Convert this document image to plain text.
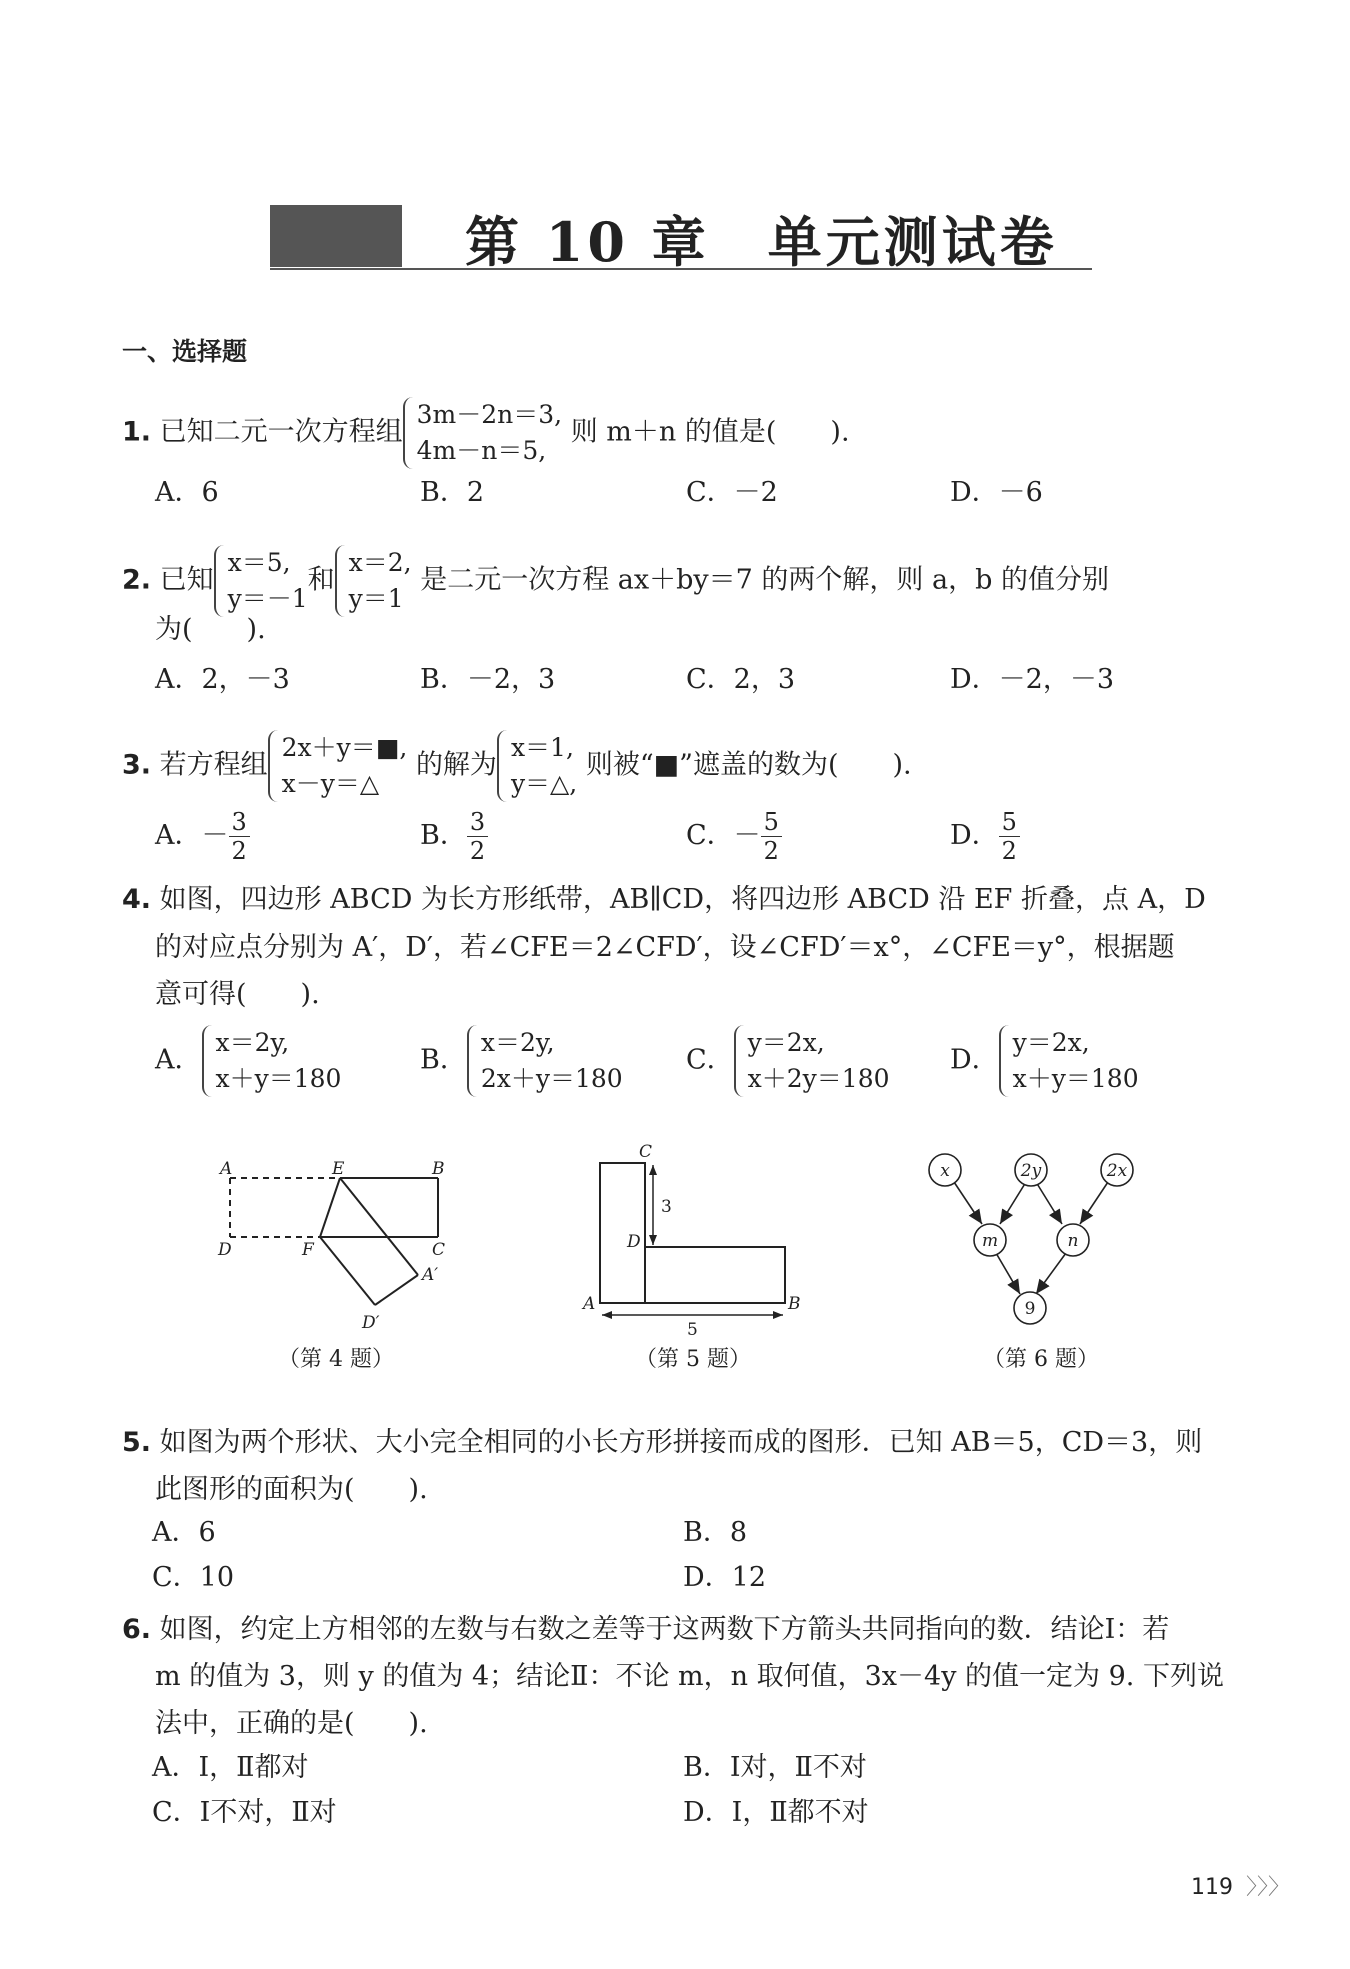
第 10 章　单元测试卷
一、选择题
1. 已知二元一次方程组
3m－2n＝3,
4m－n＝5,
则 m＋n 的值是(　　).
A．6	B．2	C．－2	D．－6
2. 已知
x＝5,
y＝－1
和
x＝2,
y＝1
是二元一次方程 ax＋by＝7 的两个解，则 a，b 的值分别
为(　　).
A．2，－3	B．－2，3	C．2，3	D．－2，－3
3. 若方程组
2x＋y＝■,
x－y＝△
的解为
x＝1,
y＝△,
则被“■”遮盖的数为(　　).
A．－ $\frac{3}{2}$	B． $\frac{3}{2}$	C．－ $\frac{5}{2}$	D． $\frac{5}{2}$
4. 如图，四边形 ABCD 为长方形纸带，AB∥CD，将四边形 ABCD 沿 EF 折叠，点 A，D
的对应点分别为 A′，D′，若∠CFE＝2∠CFD′，设∠CFD′＝x°，∠CFE＝y°，根据题
意可得(　　).
A．
x＝2y,
x＋y＝180
B．
x＝2y,
2x＋y＝180
C．
y＝2x,
x＋2y＝180
D．
y＝2x,
x＋y＝180
A	E	B
D	F	C
A′
D′
（第 4 题）
C
D
A	B
3
5
（第 5 题）
x	2y	2x
m	n
9
（第 6 题）
5. 如图为两个形状、大小完全相同的小长方形拼接而成的图形．已知 AB＝5，CD＝3，则
此图形的面积为(　　).
A．6	B．8
C．10	D．12
6. 如图，约定上方相邻的左数与右数之差等于这两数下方箭头共同指向的数．结论Ⅰ：若
m 的值为 3，则 y 的值为 4；结论Ⅱ：不论 m，n 取何值，3x－4y 的值一定为 9. 下列说
法中，正确的是(　　).
A．Ⅰ，Ⅱ都对	B．Ⅰ对，Ⅱ不对
C．Ⅰ不对，Ⅱ对	D．Ⅰ，Ⅱ都不对
119 〉〉〉
